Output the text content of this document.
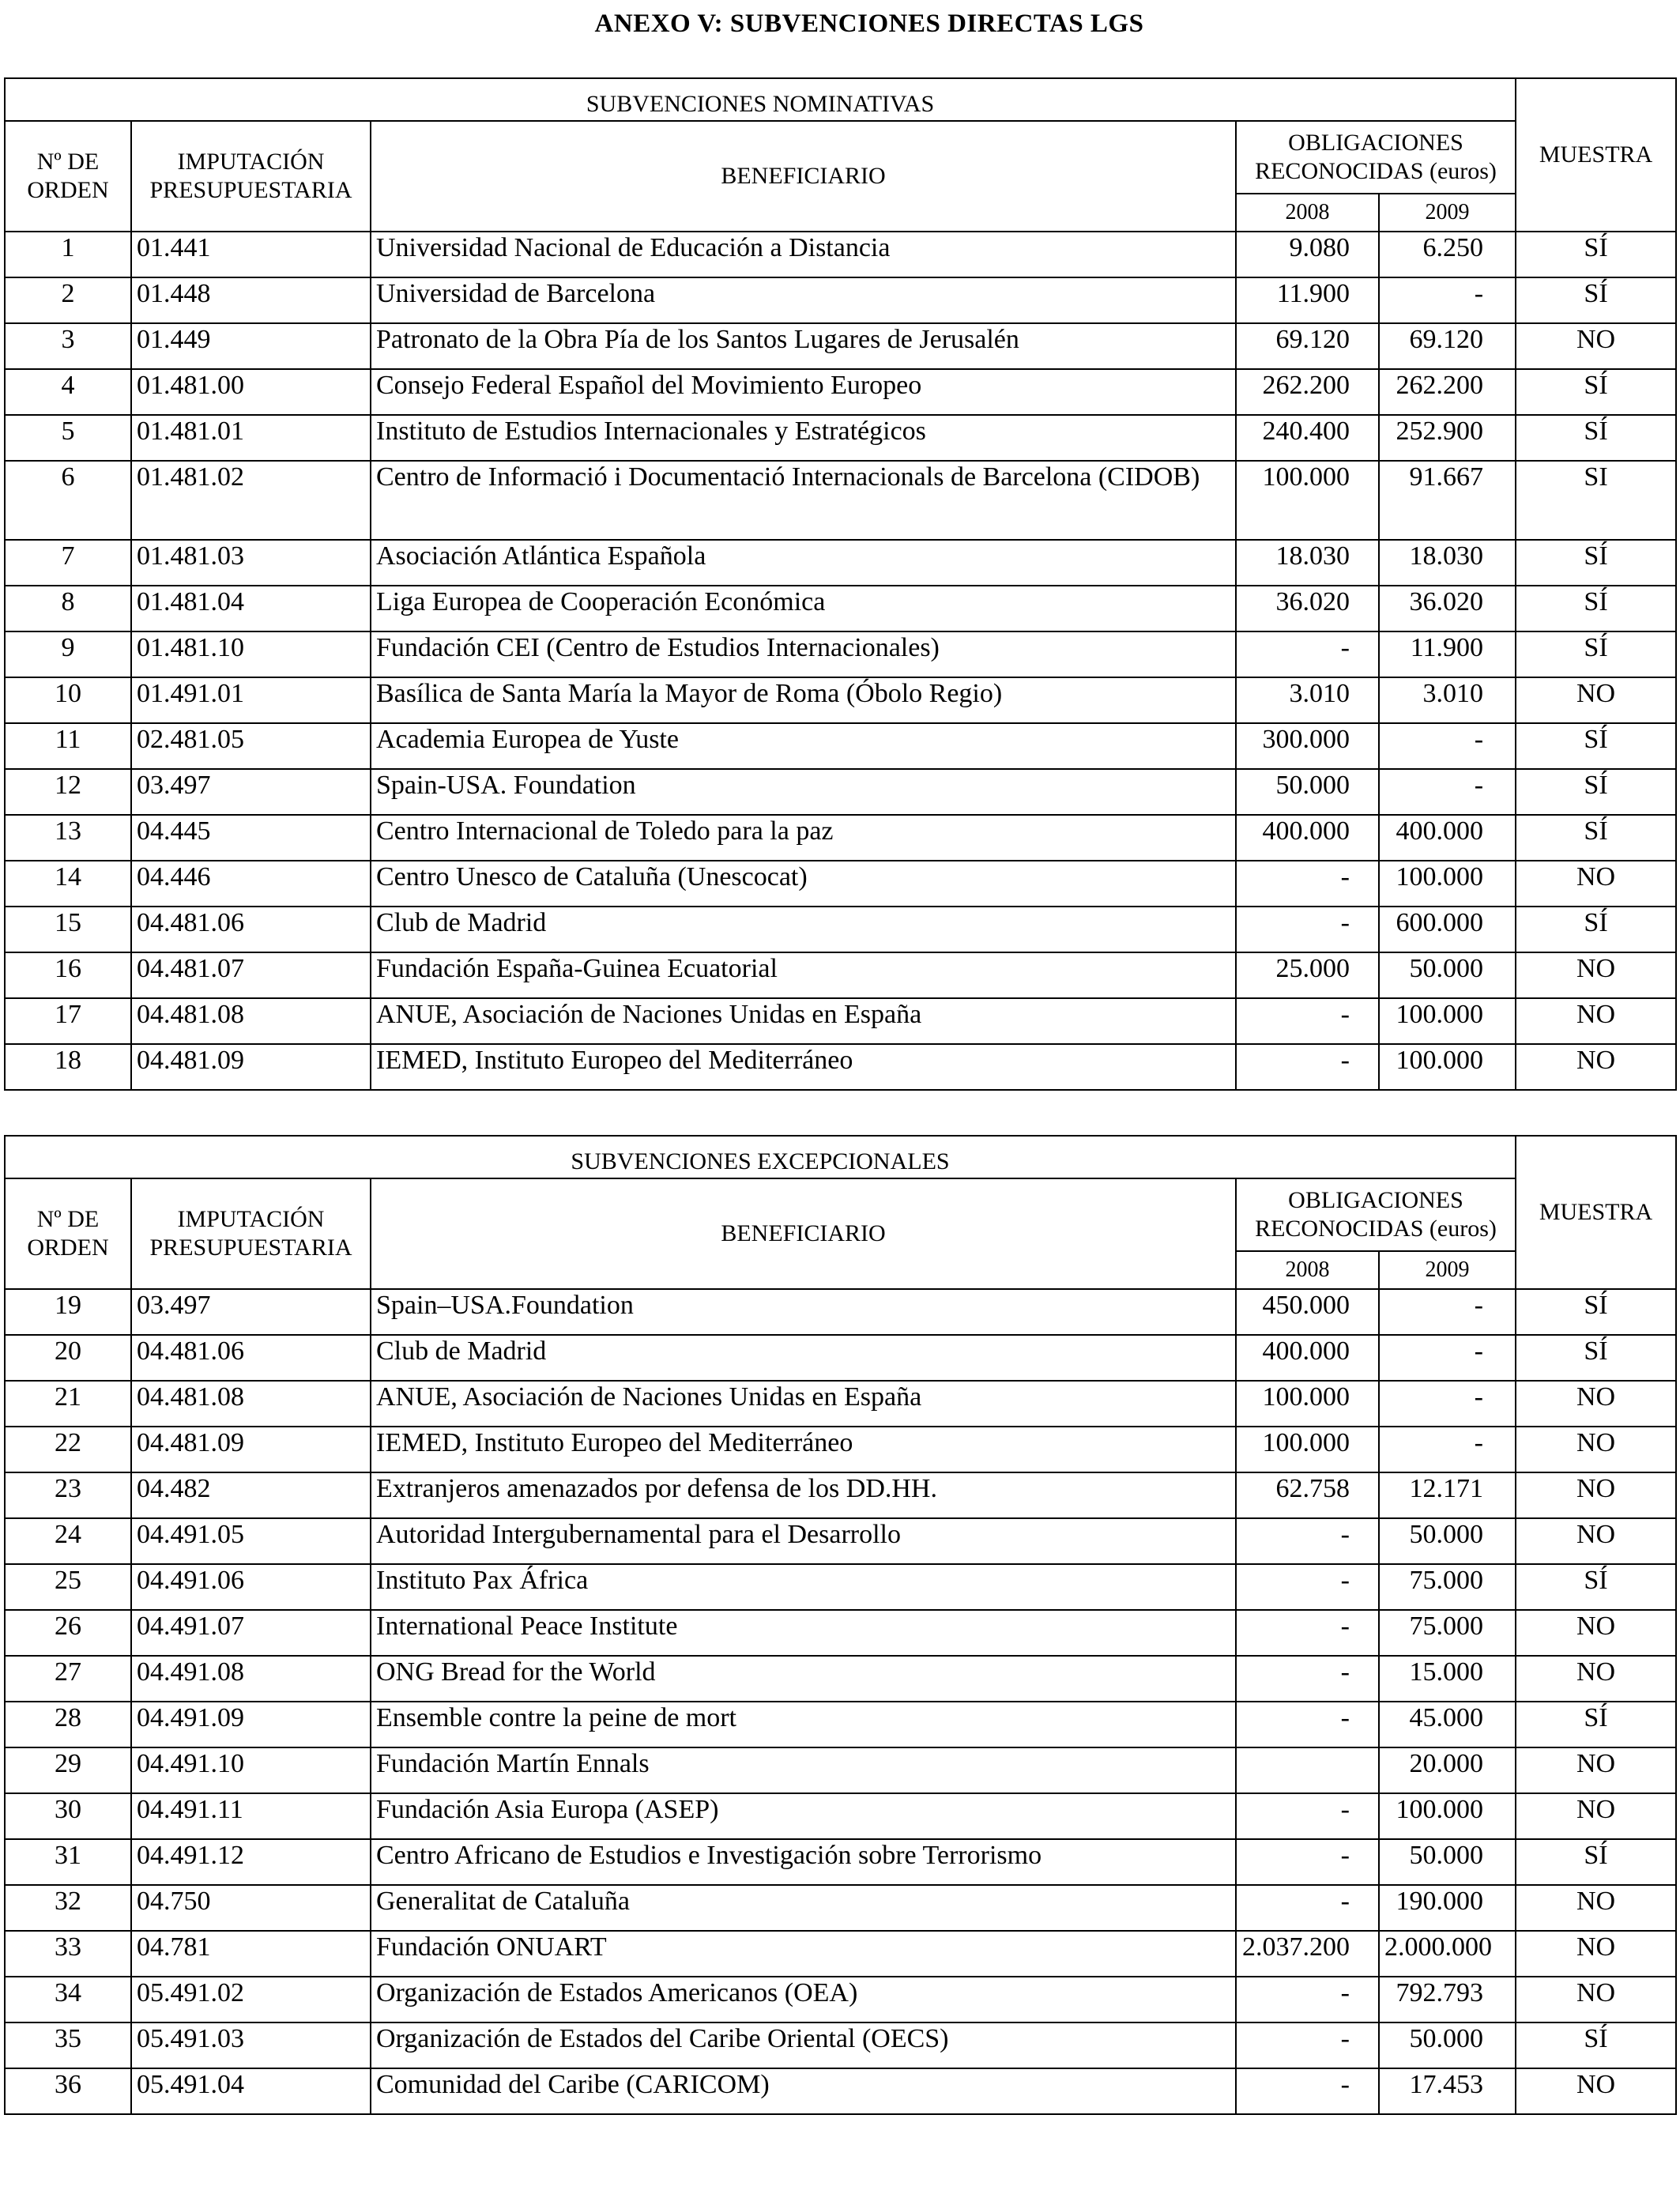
ANEXO V: SUBVENCIONES DIRECTAS LGS
SUBVENCIONES NOMINATIVAS					MUESTRA
Nº DE ORDEN	IMPUTACIÓN PRESUPUESTARIA	BENEFICIARIO	OBLIGACIONES RECONOCIDAS (euros)		
			2008	2009	
1	01.441	Universidad Nacional de Educación a Distancia	9.080	6.250	SÍ
2	01.448	Universidad de Barcelona	11.900	-	SÍ
3	01.449	Patronato de la Obra Pía de los Santos Lugares de Jerusalén	69.120	69.120	NO
4	01.481.00	Consejo Federal Español del Movimiento Europeo	262.200	262.200	SÍ
5	01.481.01	Instituto de Estudios Internacionales y Estratégicos	240.400	252.900	SÍ
6	01.481.02	Centro de Informació i Documentació Internacionals de Barcelona (CIDOB)	100.000	91.667	SI
7	01.481.03	Asociación Atlántica Española	18.030	18.030	SÍ
8	01.481.04	Liga Europea de Cooperación Económica	36.020	36.020	SÍ
9	01.481.10	Fundación CEI (Centro de Estudios Internacionales)	-	11.900	SÍ
10	01.491.01	Basílica de Santa María la Mayor de Roma (Óbolo Regio)	3.010	3.010	NO
11	02.481.05	Academia Europea de Yuste	300.000	-	SÍ
12	03.497	Spain-USA. Foundation	50.000	-	SÍ
13	04.445	Centro Internacional de Toledo para la paz	400.000	400.000	SÍ
14	04.446	Centro Unesco de Cataluña (Unescocat)	-	100.000	NO
15	04.481.06	Club de Madrid	-	600.000	SÍ
16	04.481.07	Fundación España-Guinea Ecuatorial	25.000	50.000	NO
17	04.481.08	ANUE, Asociación de Naciones Unidas en España	-	100.000	NO
18	04.481.09	IEMED, Instituto Europeo del Mediterráneo	-	100.000	NO
SUBVENCIONES EXCEPCIONALES					MUESTRA
Nº DE ORDEN	IMPUTACIÓN PRESUPUESTARIA	BENEFICIARIO	OBLIGACIONES RECONOCIDAS (euros)		
			2008	2009	
19	03.497	Spain–USA.Foundation	450.000	-	SÍ
20	04.481.06	Club de Madrid	400.000	-	SÍ
21	04.481.08	ANUE, Asociación de Naciones Unidas en España	100.000	-	NO
22	04.481.09	IEMED, Instituto Europeo del Mediterráneo	100.000	-	NO
23	04.482	Extranjeros amenazados por defensa de los DD.HH.	62.758	12.171	NO
24	04.491.05	Autoridad Intergubernamental para el Desarrollo	-	50.000	NO
25	04.491.06	Instituto Pax África	-	75.000	SÍ
26	04.491.07	International Peace Institute	-	75.000	NO
27	04.491.08	ONG Bread for the World	-	15.000	NO
28	04.491.09	Ensemble contre la peine de mort	-	45.000	SÍ
29	04.491.10	Fundación Martín Ennals		20.000	NO
30	04.491.11	Fundación Asia Europa (ASEP)	-	100.000	NO
31	04.491.12	Centro Africano de Estudios e Investigación sobre Terrorismo	-	50.000	SÍ
32	04.750	Generalitat de Cataluña	-	190.000	NO
33	04.781	Fundación ONUART	2.037.200	2.000.000	NO
34	05.491.02	Organización de Estados Americanos (OEA)	-	792.793	NO
35	05.491.03	Organización de Estados del Caribe Oriental (OECS)	-	50.000	SÍ
36	05.491.04	Comunidad del Caribe (CARICOM)	-	17.453	NO
